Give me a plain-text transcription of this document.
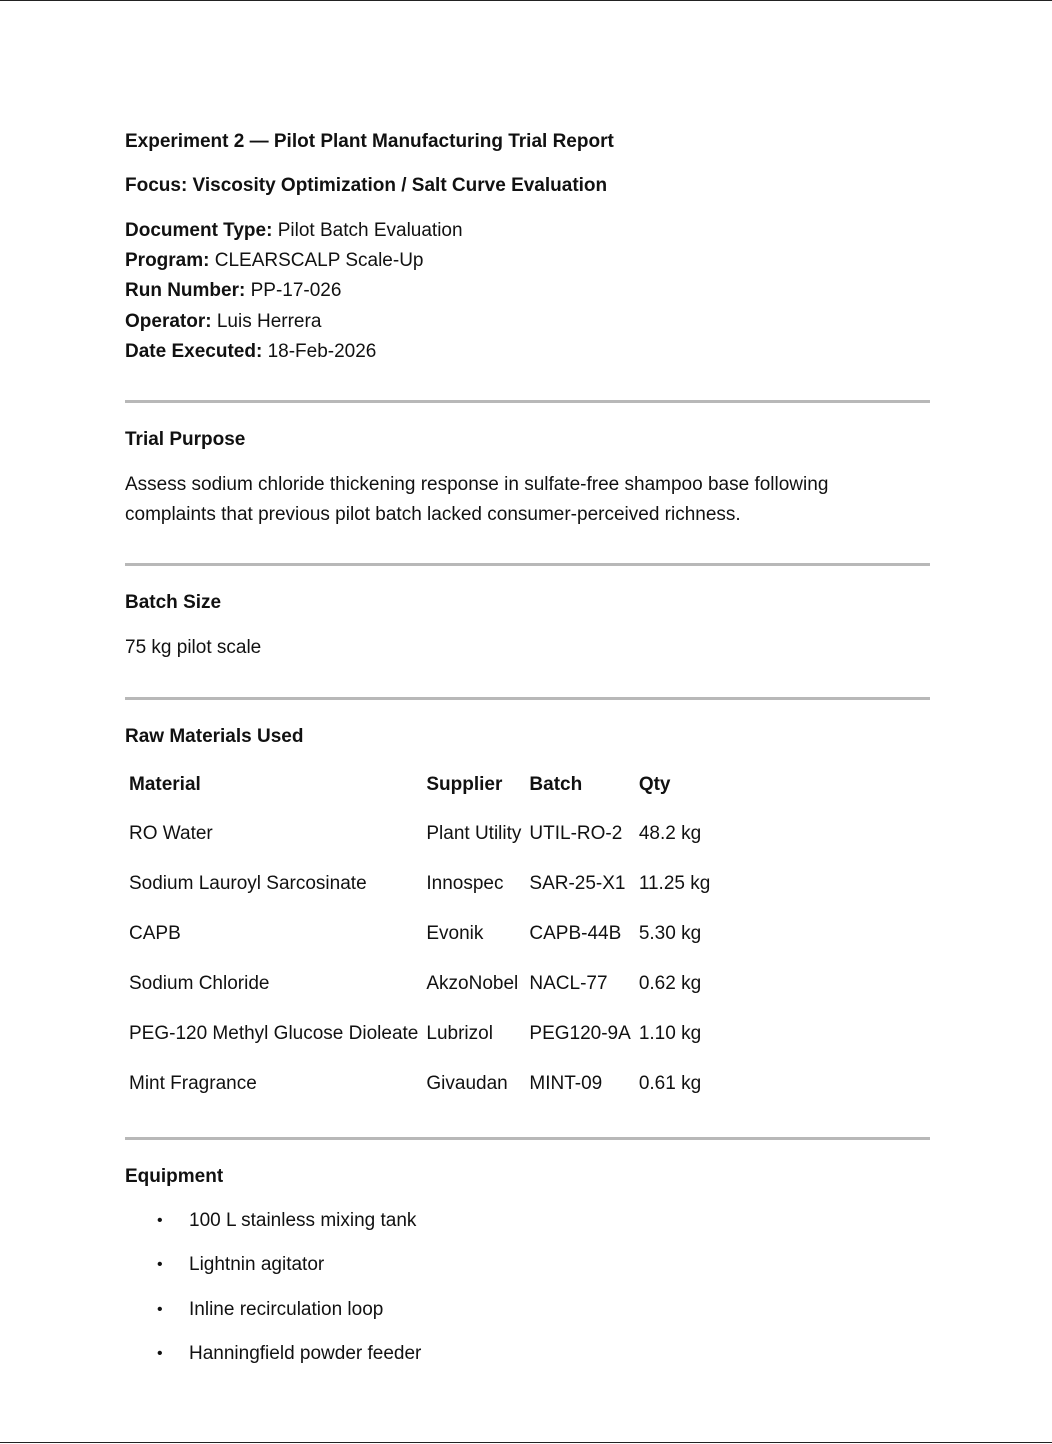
Experiment 2 — Pilot Plant Manufacturing Trial Report

Focus: Viscosity Optimization / Salt Curve Evaluation

Document Type: Pilot Batch Evaluation
Program: CLEARSCALP Scale-Up
Run Number: PP-17-026
Operator: Luis Herrera
Date Executed: 18-Feb-2026

Trial Purpose

Assess sodium chloride thickening response in sulfate-free shampoo base following

complaints that previous pilot batch lacked consumer-perceived richness.

Batch Size

75 kg pilot scale

Raw Materials Used

Material	Supplier	Batch	Qty
RO Water	Plant Utility	UTIL-RO-2	48.2 kg
Sodium Lauroyl Sarcosinate	Innospec	SAR-25-X1	11.25 kg
CAPB	Evonik	CAPB-44B	5.30 kg
Sodium Chloride	AkzoNobel	NACL-77	0.62 kg
PEG-120 Methyl Glucose Dioleate	Lubrizol	PEG120-9A	1.10 kg
Mint Fragrance	Givaudan	MINT-09	0.61 kg

Equipment

• 100 L stainless mixing tank
• Lightnin agitator
• Inline recirculation loop
• Hanningfield powder feeder
